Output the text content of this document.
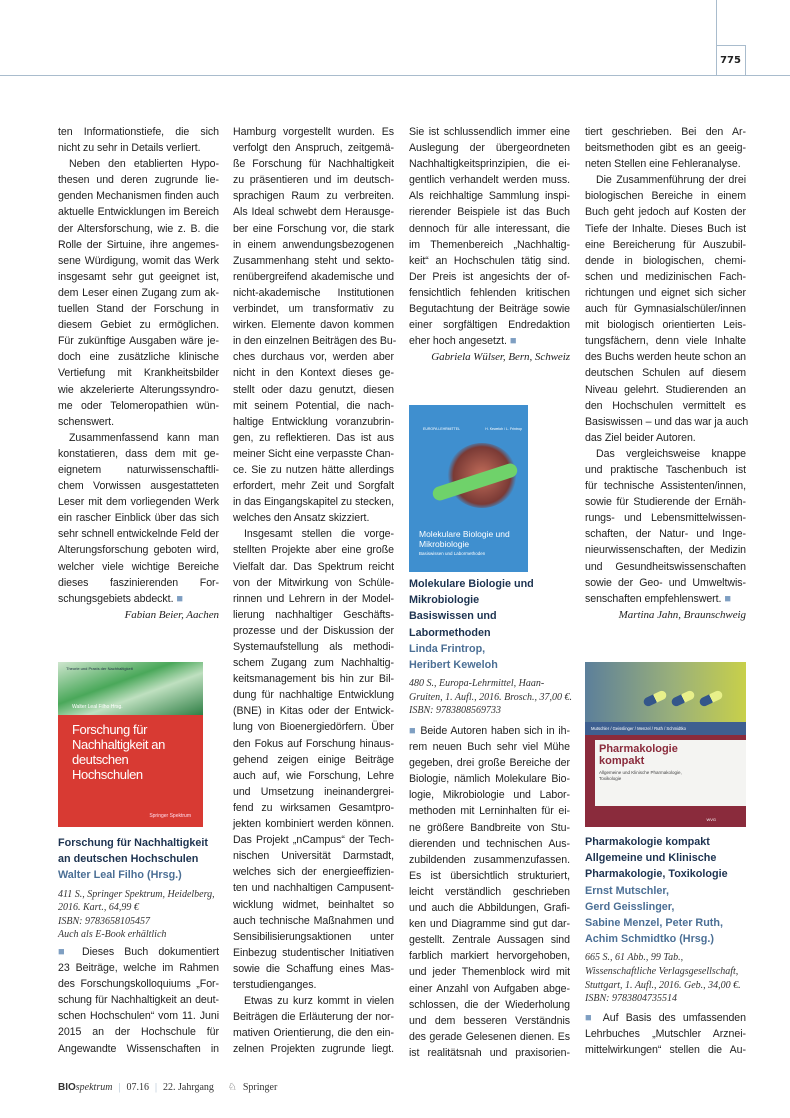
775
Theorie und Praxis der Nachhaltigkeit
Walter Leal Filho Hrsg.
Forschung für Nachhaltigkeit an deutschen Hochschulen
Springer Spektrum
EUROPA LEHRMITTEL	H. Keweloh / L. Frintrop
Molekulare Biologie und Mikrobiologie
Basiswissen und Labormethoden
Mutschler / Geisslinger / Menzel / Ruth / Schmidtko
Pharmakologie kompakt
Allgemeine und Klinische Pharmakologie, Toxikologie
WVG
ten Informationstiefe, die sich
nicht zu sehr in Details verliert.
Neben den etablierten Hypo-
thesen und deren zugrunde lie-
genden Mechanismen finden auch
aktuelle Entwicklungen im Bereich
der Altersforschung, wie z. B. die
Rolle der Sirtuine, ihre angemes-
sene Würdigung, womit das Werk
insgesamt sehr gut geeignet ist,
dem Leser einen Zugang zum ak-
tuellen Stand der Forschung in
diesem Gebiet zu ermöglichen.
Für zukünftige Ausgaben wäre je-
doch eine zusätzliche klinische
Vertiefung mit Krankheitsbilder
wie akzelerierte Alterungssyndro-
me oder Telomeropathien wün-
schenswert.
Zusammenfassend kann man
konstatieren, dass dem mit ge-
eignetem naturwissenschaftli-
chem Vorwissen ausgestatteten
Leser mit dem vorliegenden Werk
ein rascher Einblick über das sich
sehr schnell entwickelnde Feld der
Alterungsforschung geboten wird,
welcher viele wichtige Bereiche
dieses faszinierenden For-
schungsgebiets abdeckt. ■
Fabian Beier, Aachen
Forschung für Nachhaltigkeit
an deutschen Hochschulen
Walter Leal Filho (Hrsg.)
411 S., Springer Spektrum, Heidelberg,
2016. Kart., 64,99 €
ISBN: 9783658105457
Auch als E-Book erhältlich
■ Dieses Buch dokumentiert
23 Beiträge, welche im Rahmen
des Forschungskolloquiums „For-
schung für Nachhaltigkeit an deut-
schen Hochschulen“ vom 11. Juni
2015 an der Hochschule für
Angewandte Wissenschaften in
Hamburg vorgestellt wurden. Es
verfolgt den Anspruch, zeitgemä-
ße Forschung für Nachhaltigkeit
zu präsentieren und im deutsch-
sprachigen Raum zu verbreiten.
Als Ideal schwebt dem Herausge-
ber eine Forschung vor, die stark
in einem anwendungsbezogenen
Zusammenhang steht und sekto-
renübergreifend akademische und
nicht-akademische Institutionen
verbindet, um transformativ zu
wirken. Elemente davon kommen
in den einzelnen Beiträgen des Bu-
ches durchaus vor, werden aber
nicht in den Kontext dieses ge-
stellt oder dazu genutzt, diesen
mit seinem Potential, die nach-
haltige Entwicklung voranzubrin-
gen, zu reflektieren. Das ist aus
meiner Sicht eine verpasste Chan-
ce. Sie zu nutzen hätte allerdings
erfordert, mehr Zeit und Sorgfalt
in das Eingangskapitel zu stecken,
welches den Ansatz skizziert.
Insgesamt stellen die vorge-
stellten Projekte aber eine große
Vielfalt dar. Das Spektrum reicht
von der Mitwirkung von Schüle-
rinnen und Lehrern in der Model-
lierung nachhaltiger Geschäfts-
prozesse und der Diskussion der
Systemaufstellung als methodi-
schem Zugang zum Nachhaltig-
keitsmanagement bis hin zur Bil-
dung für nachhaltige Entwicklung
(BNE) in Kitas oder der Entwick-
lung von Bioenergiedörfern. Über
den Fokus auf Forschung hinaus-
gehend zeigen einige Beiträge
auch auf, wie Forschung, Lehre
und Umsetzung ineinandergrei-
fend zu wirksamen Gesamtpro-
jekten kombiniert werden können.
Das Projekt „nCampus“ der Tech-
nischen Universität Darmstadt,
welches sich der energieeffizien-
ten und nachhaltigen Campusent-
wicklung widmet, beinhaltet so
auch technische Maßnahmen und
Sensibilisierungsaktionen unter
Einbezug studentischer Initiativen
sowie die Schaffung eines Mas-
terstudienganges.
Etwas zu kurz kommt in vielen
Beiträgen die Erläuterung der nor-
mativen Orientierung, die den ein-
zelnen Projekten zugrunde liegt.
Sie ist schlussendlich immer eine
Auslegung der übergeordneten
Nachhaltigkeitsprinzipien, die ei-
gentlich verhandelt werden muss.
Als reichhaltige Sammlung inspi-
rierender Beispiele ist das Buch
dennoch für alle interessant, die
im Themenbereich „Nachhaltig-
keit“ an Hochschulen tätig sind.
Der Preis ist angesichts der of-
fensichtlich fehlenden kritischen
Begutachtung der Beiträge sowie
einer sorgfältigen Endredaktion
eher hoch angesetzt. ■
Gabriela Wülser, Bern, Schweiz
Molekulare Biologie und
Mikrobiologie
Basiswissen und
Labormethoden
Linda Frintrop,
Heribert Keweloh
480 S., Europa-Lehrmittel, Haan-
Gruiten, 1. Aufl., 2016. Brosch., 37,00 €.
ISBN: 9783808569733
■ Beide Autoren haben sich in ih-
rem neuen Buch sehr viel Mühe
gegeben, drei große Bereiche der
Biologie, nämlich Molekulare Bio-
logie, Mikrobiologie und Labor-
methoden mit Lerninhalten für ei-
ne größere Bandbreite von Stu-
dierenden und technischen Aus-
zubildenden zusammenzufassen.
Es ist übersichtlich strukturiert,
leicht verständlich geschrieben
und auch die Abbildungen, Grafi-
ken und Diagramme sind gut dar-
gestellt. Zentrale Aussagen sind
farblich markiert hervorgehoben,
und jeder Themenblock wird mit
einer Anzahl von Aufgaben abge-
schlossen, die der Wiederholung
und dem besseren Verständnis
des gerade Gelesenen dienen. Es
ist realitätsnah und praxisorien-
tiert geschrieben. Bei den Ar-
beitsmethoden gibt es an geeig-
neten Stellen eine Fehleranalyse.
Die Zusammenführung der drei
biologischen Bereiche in einem
Buch geht jedoch auf Kosten der
Tiefe der Inhalte. Dieses Buch ist
eine Bereicherung für Auszubil-
dende in biologischen, chemi-
schen und medizinischen Fach-
richtungen und eignet sich sicher
auch für Gymnasialschüler/innen
mit biologisch orientierten Leis-
tungsfächern, denn viele Inhalte
des Buchs werden heute schon an
deutschen Schulen auf diesem
Niveau gelehrt. Studierenden an
den Hochschulen vermittelt es
Basiswissen – und das war ja auch
das Ziel beider Autoren.
Das vergleichsweise knappe
und praktische Taschenbuch ist
für technische Assistenten/innen,
sowie für Studierende der Ernäh-
rungs- und Lebensmittelwissen-
schaften, der Natur- und Inge-
nieurwissenschaften, der Medizin
und Gesundheitswissenschaften
sowie der Geo- und Umweltwis-
senschaften empfehlenswert. ■
Martina Jahn, Braunschweig
Pharmakologie kompakt
Allgemeine und Klinische
Pharmakologie, Toxikologie
Ernst Mutschler,
Gerd Geisslinger,
Sabine Menzel, Peter Ruth,
Achim Schmidtko (Hrsg.)
665 S., 61 Abb., 99 Tab.,
Wissenschaftliche Verlagsgesellschaft,
Stuttgart, 1. Aufl., 2016. Geb., 34,00 €.
ISBN: 9783804735514
■ Auf Basis des umfassenden
Lehrbuches „Mutschler Arznei-
mittelwirkungen“ stellen die Au-
BIOspektrum | 07.16 | 22. Jahrgang ♘ Springer
